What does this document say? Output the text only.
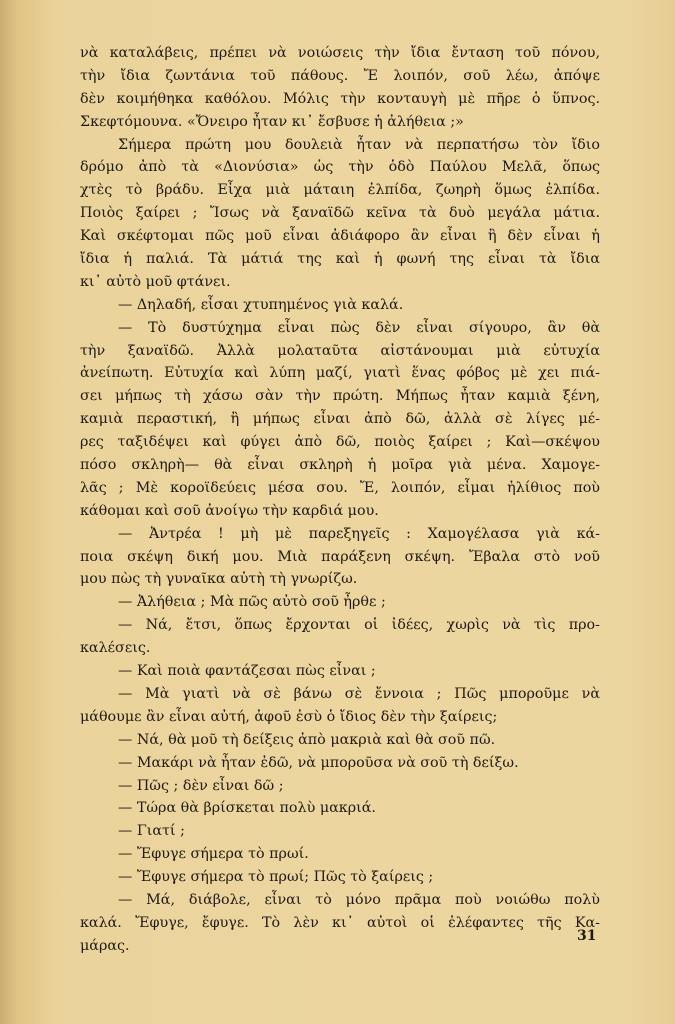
νὰ καταλάβεις, πρέπει νὰ νοιώσεις τὴν ἴδια ἔνταση τοῦ πόνου,
τὴν ἴδια ζωντάνια τοῦ πάθους. Ἔ λοιπόν, σοῦ λέω, ἀπόψε
δὲν κοιμήθηκα καθόλου. Μόλις τὴν κονταυγὴ μὲ πῆρε ὁ ὕπνος.
Σκεφτόμουνα. «Ὄνειρο ἦταν κι᾽ ἔσβυσε ἡ ἀλήθεια ;»
Σήμερα πρώτη μου δουλειὰ ἦταν νὰ περπατήσω τὸν ἴδιο
δρόμο ἀπὸ τὰ «Διονύσια» ὡς τὴν ὁδὸ Παύλου Μελᾶ, ὅπως
χτὲς τὸ βράδυ. Εἶχα μιὰ μάταιη ἐλπίδα, ζωηρὴ ὅμως ἐλπίδα.
Ποιὸς ξαίρει ; Ἴσως νὰ ξαναϊδῶ κεῖνα τὰ δυὸ μεγάλα μάτια.
Καὶ σκέφτομαι πῶς μοῦ εἶναι ἀδιάφορο ἂν εἶναι ἢ δὲν εἶναι ἡ
ἴδια ἡ παλιά. Τὰ μάτιά της καὶ ἡ φωνή της εἶναι τὰ ἴδια
κι᾽ αὐτὸ μοῦ φτάνει.
— Δηλαδή, εἶσαι χτυπημένος γιὰ καλά.
— Τὸ δυστύχημα εἶναι πὼς δὲν εἶναι σίγουρο, ἂν θὰ
τὴν ξαναϊδῶ. Ἀλλὰ μολαταῦτα αἰστάνουμαι μιὰ εὐτυχία
ἀνείπωτη. Εὐτυχία καὶ λύπη μαζί, γιατὶ ἕνας φόβος μὲ χει πιά-
σει μήπως τὴ χάσω σὰν τὴν πρώτη. Μήπως ἦταν καμιὰ ξένη,
καμιὰ περαστική, ἢ μήπως εἶναι ἀπὸ δῶ, ἀλλὰ σὲ λίγες μέ-
ρες ταξιδέψει καὶ φύγει ἀπὸ δῶ, ποιὸς ξαίρει ; Καὶ—σκέψου
πόσο σκληρὴ— θὰ εἶναι σκληρὴ ἡ μοῖρα γιὰ μένα. Χαμογε-
λᾶς ; Μὲ κοροϊδεύεις μέσα σου. Ἔ, λοιπόν, εἶμαι ἠλίθιος ποὺ
κάθομαι καὶ σοῦ ἀνοίγω τὴν καρδιά μου.
— Ἀντρέα ! μὴ μὲ παρεξηγεῖς : Χαμογέλασα γιὰ κά-
ποια σκέψη δική μου. Μιὰ παράξενη σκέψη. Ἔβαλα στὸ νοῦ
μου πὼς τὴ γυναῖκα αὐτὴ τὴ γνωρίζω.
— Ἀλήθεια ; Μὰ πῶς αὐτὸ σοῦ ἦρθε ;
— Νά, ἔτσι, ὅπως ἔρχονται οἱ ἰδέες, χωρὶς νὰ τὶς προ-
καλέσεις.
— Καὶ ποιὰ φαντάζεσαι πὼς εἶναι ;
— Μὰ γιατὶ νὰ σὲ βάνω σὲ ἔννοια ; Πῶς μποροῦμε νὰ
μάθουμε ἂν εἶναι αὐτή, ἀφοῦ ἐσὺ ὁ ἴδιος δὲν τὴν ξαίρεις;
— Νά, θὰ μοῦ τὴ δείξεις ἀπὸ μακριὰ καὶ θὰ σοῦ πῶ.
— Μακάρι νὰ ἦταν ἐδῶ, νὰ μποροῦσα νὰ σοῦ τὴ δείξω.
— Πῶς ; δὲν εἶναι δῶ ;
— Τώρα θὰ βρίσκεται πολὺ μακριά.
— Γιατί ;
— Ἔφυγε σήμερα τὸ πρωί.
— Ἔφυγε σήμερα τὸ πρωί; Πῶς τὸ ξαίρεις ;
— Μά, διάβολε, εἶναι τὸ μόνο πρᾶμα ποὺ νοιώθω πολὺ
καλά. Ἔφυγε, ἔφυγε. Τὸ λὲν κι᾽ αὐτοὶ οἱ ἐλέφαντες τῆς Κα-
μάρας.
31
